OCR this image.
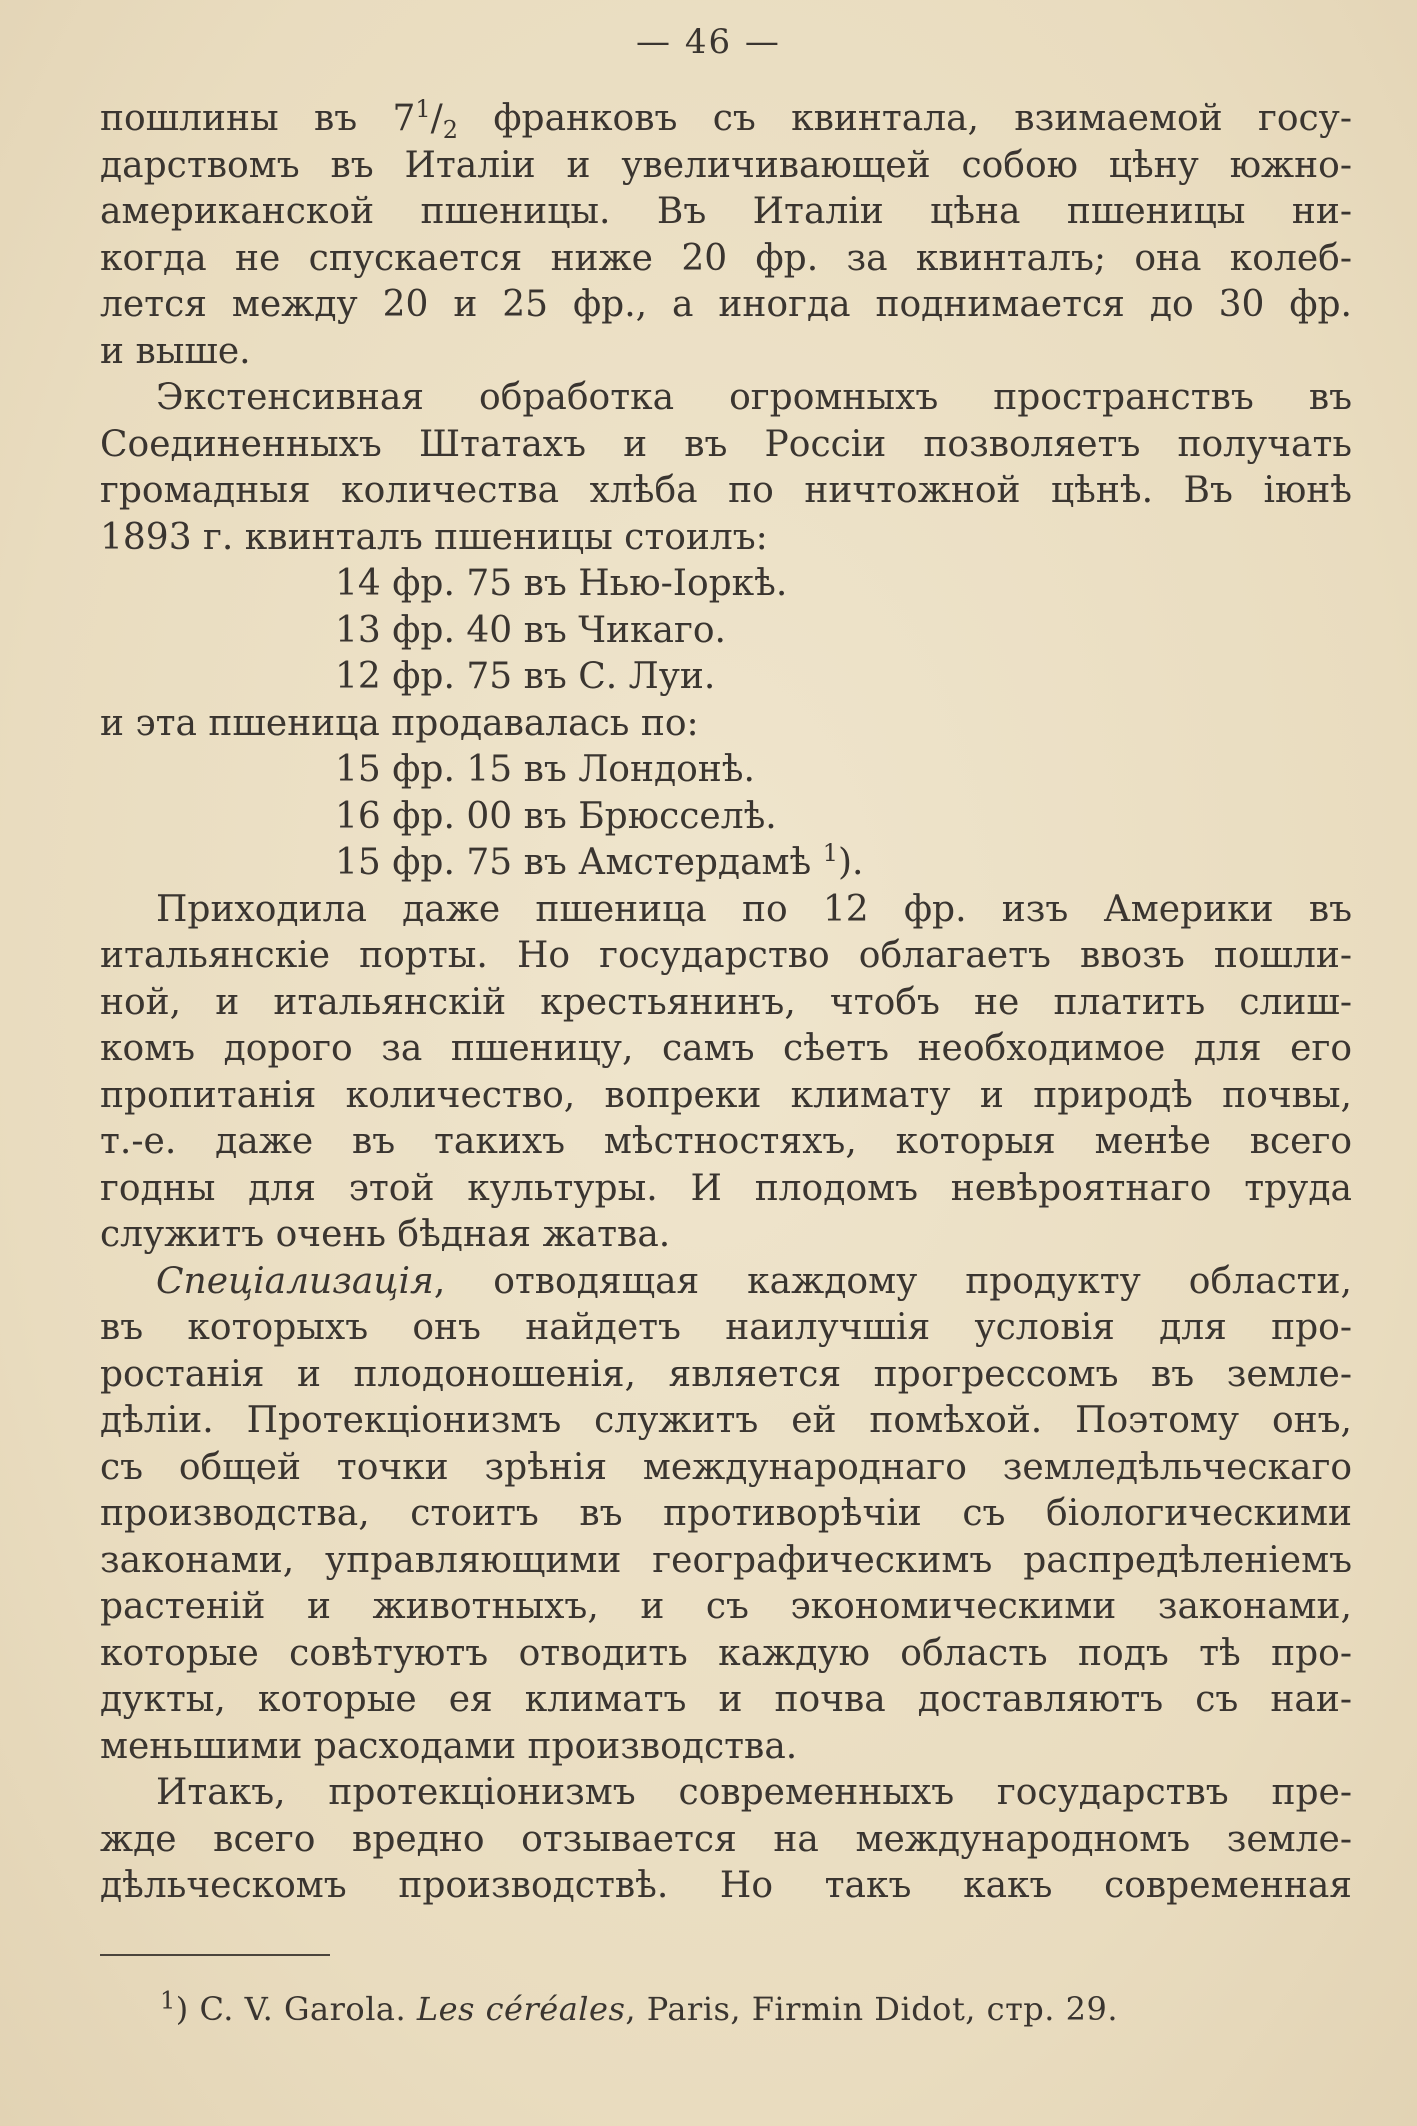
— 46 —
пошлины въ $7^1/_2$ франковъ съ квинтала, взимаемой госу-
дарствомъ въ Италіи и увеличивающей собою цѣну южно-
американской пшеницы. Въ Италіи цѣна пшеницы ни-
когда не спускается ниже 20 фр. за квинталъ; она колеб-
лется между 20 и 25 фр., а иногда поднимается до 30 фр.
и выше.
Экстенсивная обработка огромныхъ пространствъ въ
Соединенныхъ Штатахъ и въ Россіи позволяетъ получать
громадныя количества хлѣба по ничтожной цѣнѣ. Въ іюнѣ
1893 г. квинталъ пшеницы стоилъ:
14 фр. 75 въ Нью-Іоркѣ.
13 фр. 40 въ Чикаго.
12 фр. 75 въ С. Луи.
и эта пшеница продавалась по:
15 фр. 15 въ Лондонѣ.
16 фр. 00 въ Брюсселѣ.
15 фр. 75 въ Амстердамѣ $^1$).
Приходила даже пшеница по 12 фр. изъ Америки въ
итальянскіе порты. Но государство облагаетъ ввозъ пошли-
ной, и итальянскій крестьянинъ, чтобъ не платить слиш-
комъ дорого за пшеницу, самъ сѣетъ необходимое для его
пропитанія количество, вопреки климату и природѣ почвы,
т.-е. даже въ такихъ мѣстностяхъ, которыя менѣе всего
годны для этой культуры. И плодомъ невѣроятнаго труда
служитъ очень бѣдная жатва.
Спеціализація, отводящая каждому продукту области,
въ которыхъ онъ найдетъ наилучшія условія для про-
ростанія и плодоношенія, является прогрессомъ въ земле-
дѣліи. Протекціонизмъ служитъ ей помѣхой. Поэтому онъ,
съ общей точки зрѣнія международнаго земледѣльческаго
производства, стоитъ въ противорѣчіи съ біологическими
законами, управляющими географическимъ распредѣленіемъ
растеній и животныхъ, и съ экономическими законами,
которые совѣтуютъ отводить каждую область подъ тѣ про-
дукты, которые ея климатъ и почва доставляютъ съ наи-
меньшими расходами производства.
Итакъ, протекціонизмъ современныхъ государствъ пре-
жде всего вредно отзывается на международномъ земле-
дѣльческомъ производствѣ. Но такъ какъ современная
$^1$) C. V. Garola. Les céréales, Paris, Firmin Didot, стр. 29.
